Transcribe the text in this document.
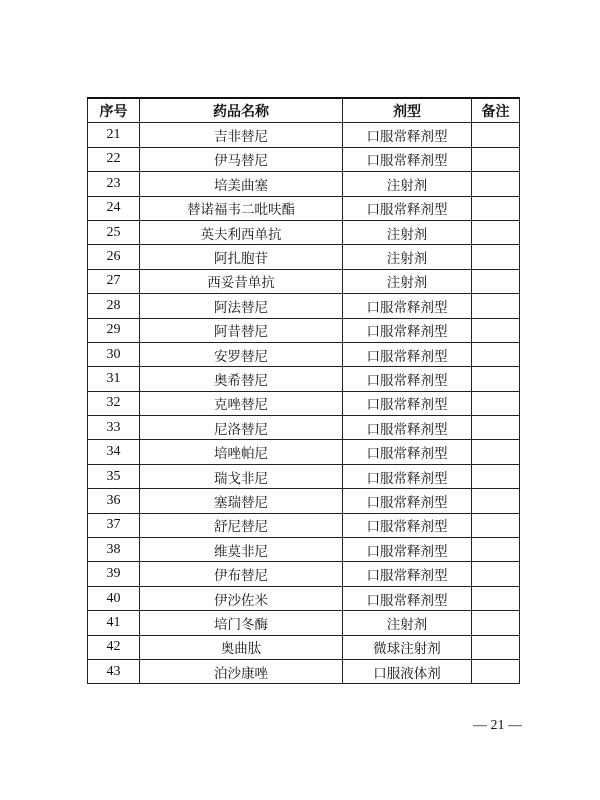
序号	药品名称	剂型	备注
21	吉非替尼	口服常释剂型	
22	伊马替尼	口服常释剂型	
23	培美曲塞	注射剂	
24	替诺福韦二吡呋酯	口服常释剂型	
25	英夫利西单抗	注射剂	
26	阿扎胞苷	注射剂	
27	西妥昔单抗	注射剂	
28	阿法替尼	口服常释剂型	
29	阿昔替尼	口服常释剂型	
30	安罗替尼	口服常释剂型	
31	奥希替尼	口服常释剂型	
32	克唑替尼	口服常释剂型	
33	尼洛替尼	口服常释剂型	
34	培唑帕尼	口服常释剂型	
35	瑞戈非尼	口服常释剂型	
36	塞瑞替尼	口服常释剂型	
37	舒尼替尼	口服常释剂型	
38	维莫非尼	口服常释剂型	
39	伊布替尼	口服常释剂型	
40	伊沙佐米	口服常释剂型	
41	培门冬酶	注射剂	
42	奥曲肽	微球注射剂	
43	泊沙康唑	口服液体剂	
— 21 —
